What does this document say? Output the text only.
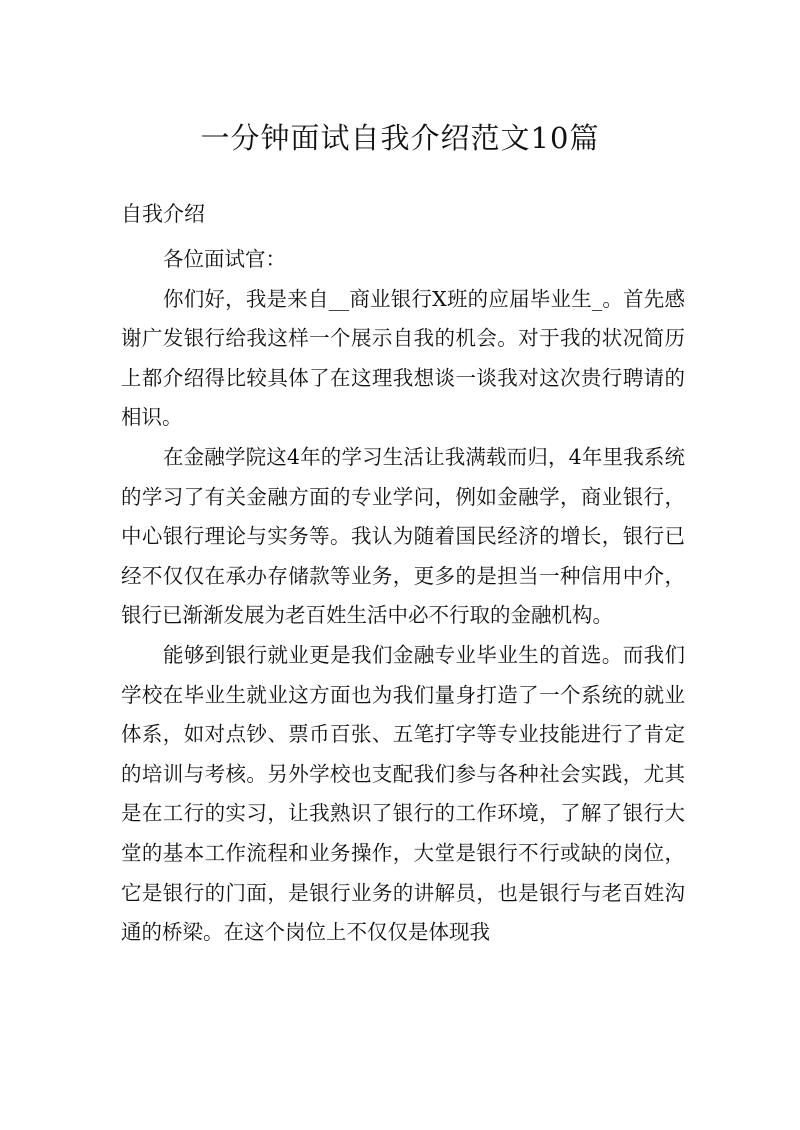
一分钟面试自我介绍范文10篇
自我介绍

各位面试官：

你们好，我是来自__商业银行X班的应届毕业生_。首先感谢广发银行给我这样一个展示自我的机会。对于我的状况简历上都介绍得比较具体了在这理我想谈一谈我对这次贵行聘请的相识。

在金融学院这4年的学习生活让我满载而归，4年里我系统的学习了有关金融方面的专业学问，例如金融学，商业银行，中心银行理论与实务等。我认为随着国民经济的增长，银行已经不仅仅在承办存储款等业务，更多的是担当一种信用中介，银行已渐渐发展为老百姓生活中必不行取的金融机构。

能够到银行就业更是我们金融专业毕业生的首选。而我们学校在毕业生就业这方面也为我们量身打造了一个系统的就业体系，如对点钞、票币百张、五笔打字等专业技能进行了肯定的培训与考核。另外学校也支配我们参与各种社会实践，尤其是在工行的实习，让我熟识了银行的工作环境，了解了银行大堂的基本工作流程和业务操作，大堂是银行不行或缺的岗位，它是银行的门面，是银行业务的讲解员，也是银行与老百姓沟通的桥梁。在这个岗位上不仅仅是体现我
